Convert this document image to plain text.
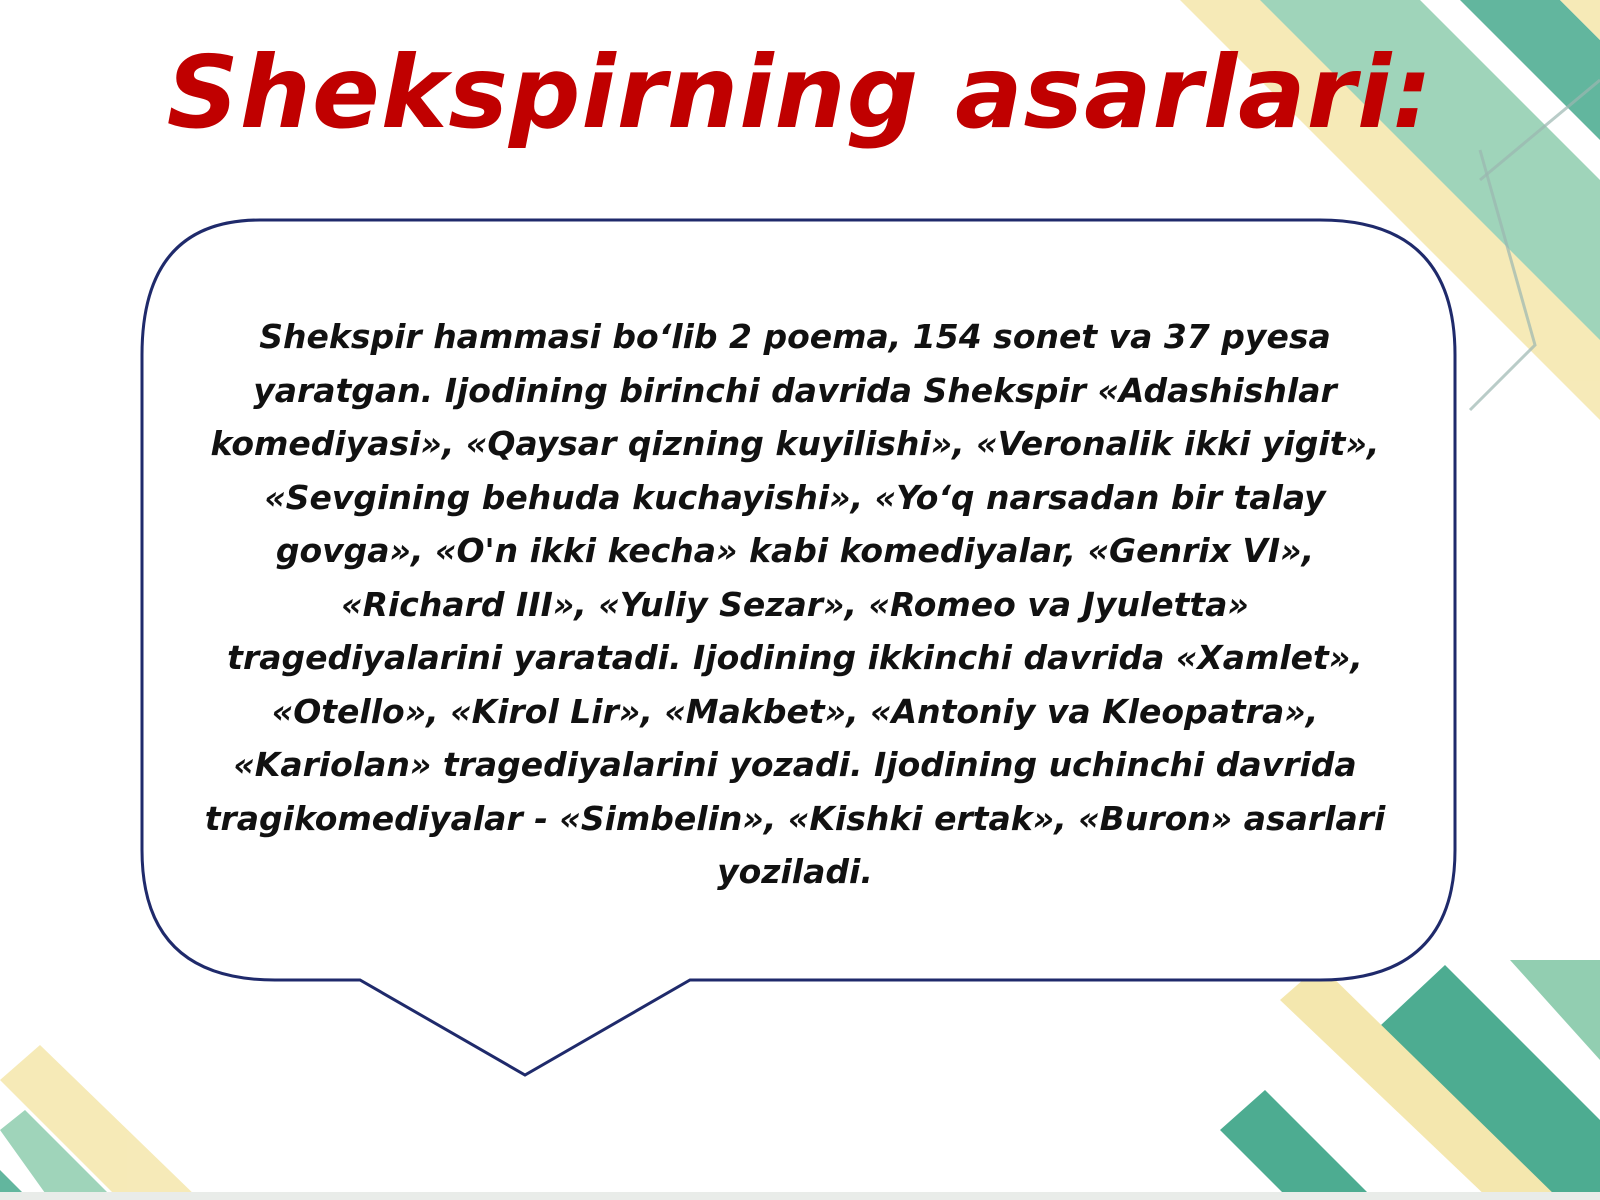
Shekspirning asarlari:

Shekspir hammasi bo‘lib 2 poema, 154 sonet va 37 pyesa yaratgan. Ijodining birinchi davrida Shekspir «Adashishlar komediyasi», «Qaysar qizning kuyilishi», «Veronalik ikki yigit», «Sevgining behuda kuchayishi», «Yo‘q narsadan bir talay govga», «O'n ikki kecha» kabi komediyalar, «Genrix VI», «Richard III», «Yuliy Sezar», «Romeo va Jyuletta» tragediyalarini yaratadi. Ijodining ikkinchi davrida «Xamlet», «Otello», «Kirol Lir», «Makbet», «Antoniy va Kleopatra», «Kariolan» tragediyalarini yozadi. Ijodining uchinchi davrida tragikomediyalar - «Simbelin», «Kishki ertak», «Buron» asarlari yoziladi.
